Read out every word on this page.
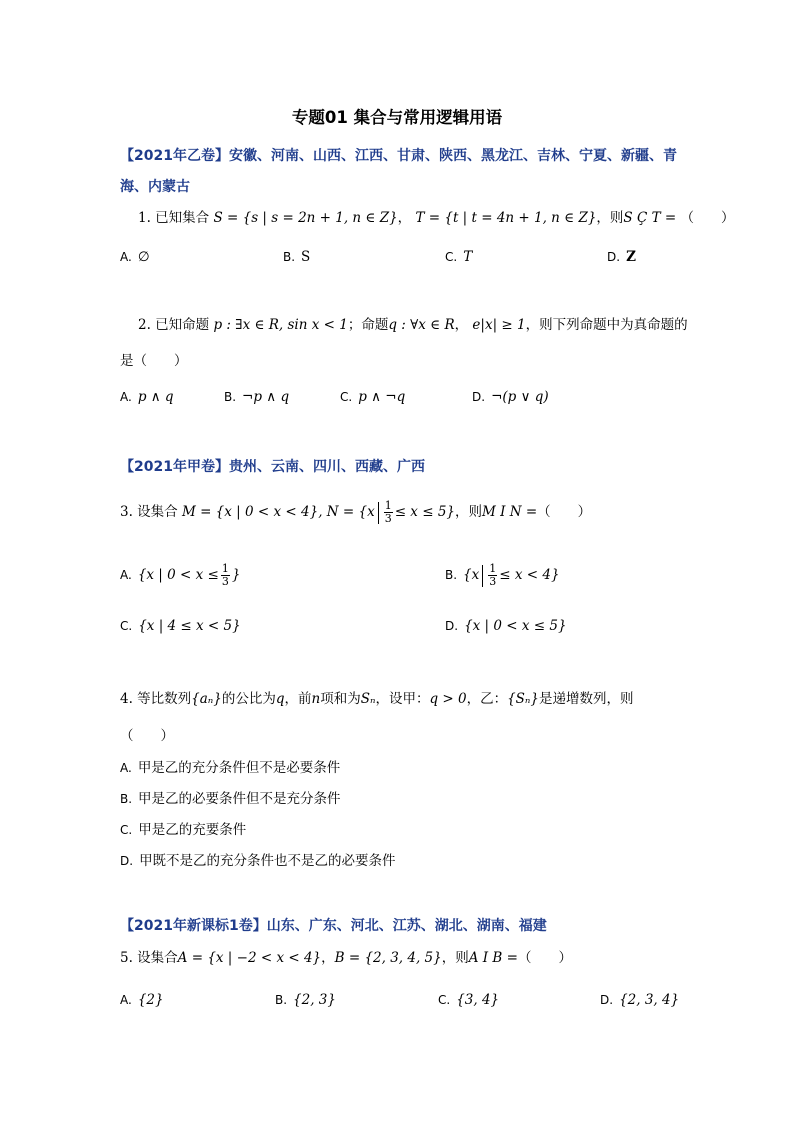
专题01 集合与常用逻辑用语
【2021年乙卷】安徽、河南、山西、江西、甘肃、陕西、黑龙江、吉林、宁夏、新疆、青
海、内蒙古
1. 已知集合 S = {s | s = 2n + 1, n ∈ Z}， T = {t | t = 4n + 1, n ∈ Z}，则S Ç T = （　　）
A. ∅	B. S	C. T	D. Z
2. 已知命题 p : ∃x ∈ R, sin x < 1；命题q : ∀x ∈ R， e|x| ≥ 1，则下列命题中为真命题的
是（　　）
A. p ∧ q	B. ¬p ∧ q	C. p ∧ ¬q	D. ¬(p ∨ q)
【2021年甲卷】贵州、云南、四川、西藏、广西
3. 设集合 M = {x | 0 < x < 4}, $N = \{x \frac{1}{3} \le x \le 5\}$，则M I N =（　　）
A. {x | $0 < x \le \frac{1}{3}$ }	B. $\{x \frac{1}{3} \le x < 4\}$
C. {x | 4 ≤ x < 5}	D. {x | 0 < x ≤ 5}
4. 等比数列{aₙ}的公比为q，前n项和为Sₙ，设甲：q > 0，乙：{Sₙ}是递增数列，则
（　　）
A. 甲是乙的充分条件但不是必要条件
B. 甲是乙的必要条件但不是充分条件
C. 甲是乙的充要条件
D. 甲既不是乙的充分条件也不是乙的必要条件
【2021年新课标1卷】山东、广东、河北、江苏、湖北、湖南、福建
5. 设集合A = {x | −2 < x < 4}，B = {2, 3, 4, 5}，则A I B =（　　）
A. {2}	B. {2, 3}	C. {3, 4}	D. {2, 3, 4}
